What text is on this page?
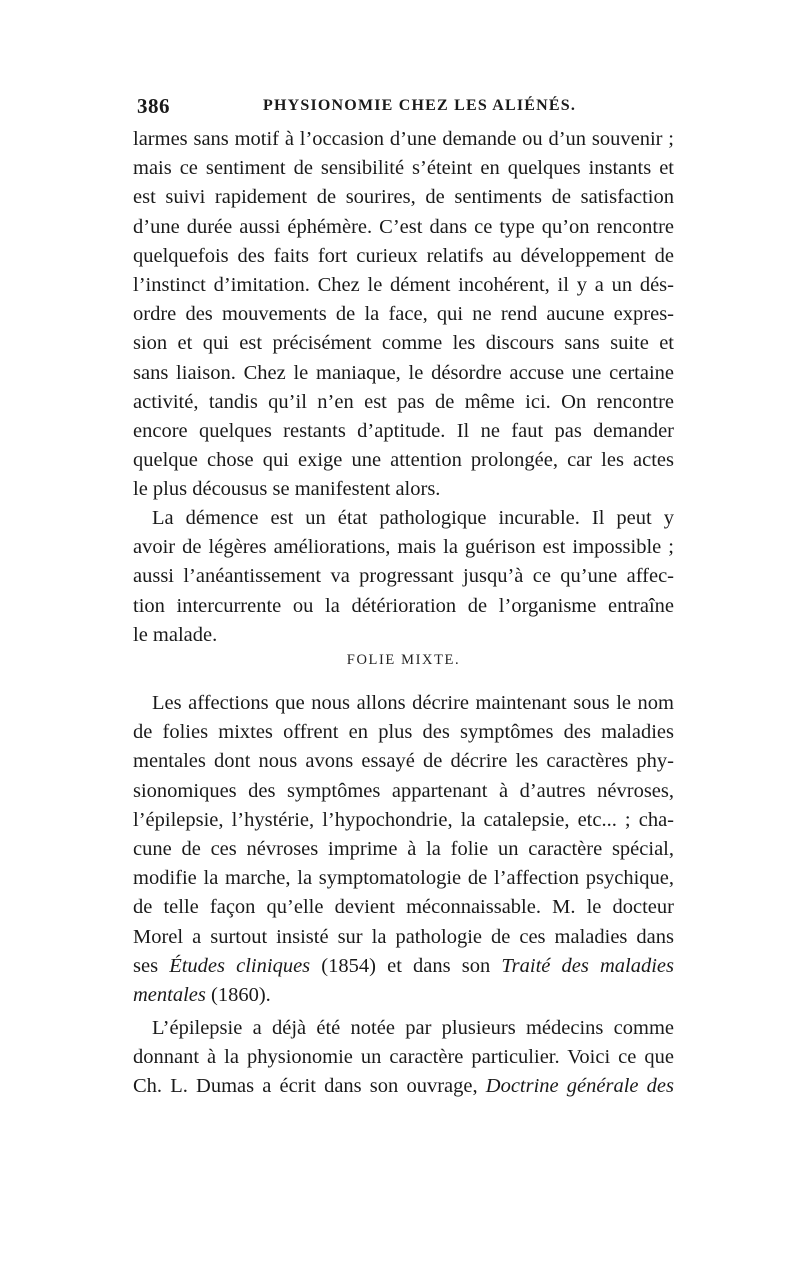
386	PHYSIONOMIE CHEZ LES ALIÉNÉS.
larmes sans motif à l’occasion d’une demande ou d’un souvenir ;
mais ce sentiment de sensibilité s’éteint en quelques instants et
est suivi rapidement de sourires, de sentiments de satisfaction
d’une durée aussi éphémère. C’est dans ce type qu’on rencontre
quelquefois des faits fort curieux relatifs au développement de
l’instinct d’imitation. Chez le dément incohérent, il y a un dés-
ordre des mouvements de la face, qui ne rend aucune expres-
sion et qui est précisément comme les discours sans suite et
sans liaison. Chez le maniaque, le désordre accuse une certaine
activité, tandis qu’il n’en est pas de même ici. On rencontre
encore quelques restants d’aptitude. Il ne faut pas demander
quelque chose qui exige une attention prolongée, car les actes
le plus décousus se manifestent alors.
La démence est un état pathologique incurable. Il peut y
avoir de légères améliorations, mais la guérison est impossible ;
aussi l’anéantissement va progressant jusqu’à ce qu’une affec-
tion intercurrente ou la détérioration de l’organisme entraîne
le malade.
FOLIE MIXTE.
Les affections que nous allons décrire maintenant sous le nom
de folies mixtes offrent en plus des symptômes des maladies
mentales dont nous avons essayé de décrire les caractères phy-
sionomiques des symptômes appartenant à d’autres névroses,
l’épilepsie, l’hystérie, l’hypochondrie, la catalepsie, etc... ; cha-
cune de ces névroses imprime à la folie un caractère spécial,
modifie la marche, la symptomatologie de l’affection psychique,
de telle façon qu’elle devient méconnaissable. M. le docteur
Morel a surtout insisté sur la pathologie de ces maladies dans
ses Études cliniques (1854) et dans son Traité des maladies
mentales (1860).
L’épilepsie a déjà été notée par plusieurs médecins comme
donnant à la physionomie un caractère particulier. Voici ce que
Ch. L. Dumas a écrit dans son ouvrage, Doctrine générale des
